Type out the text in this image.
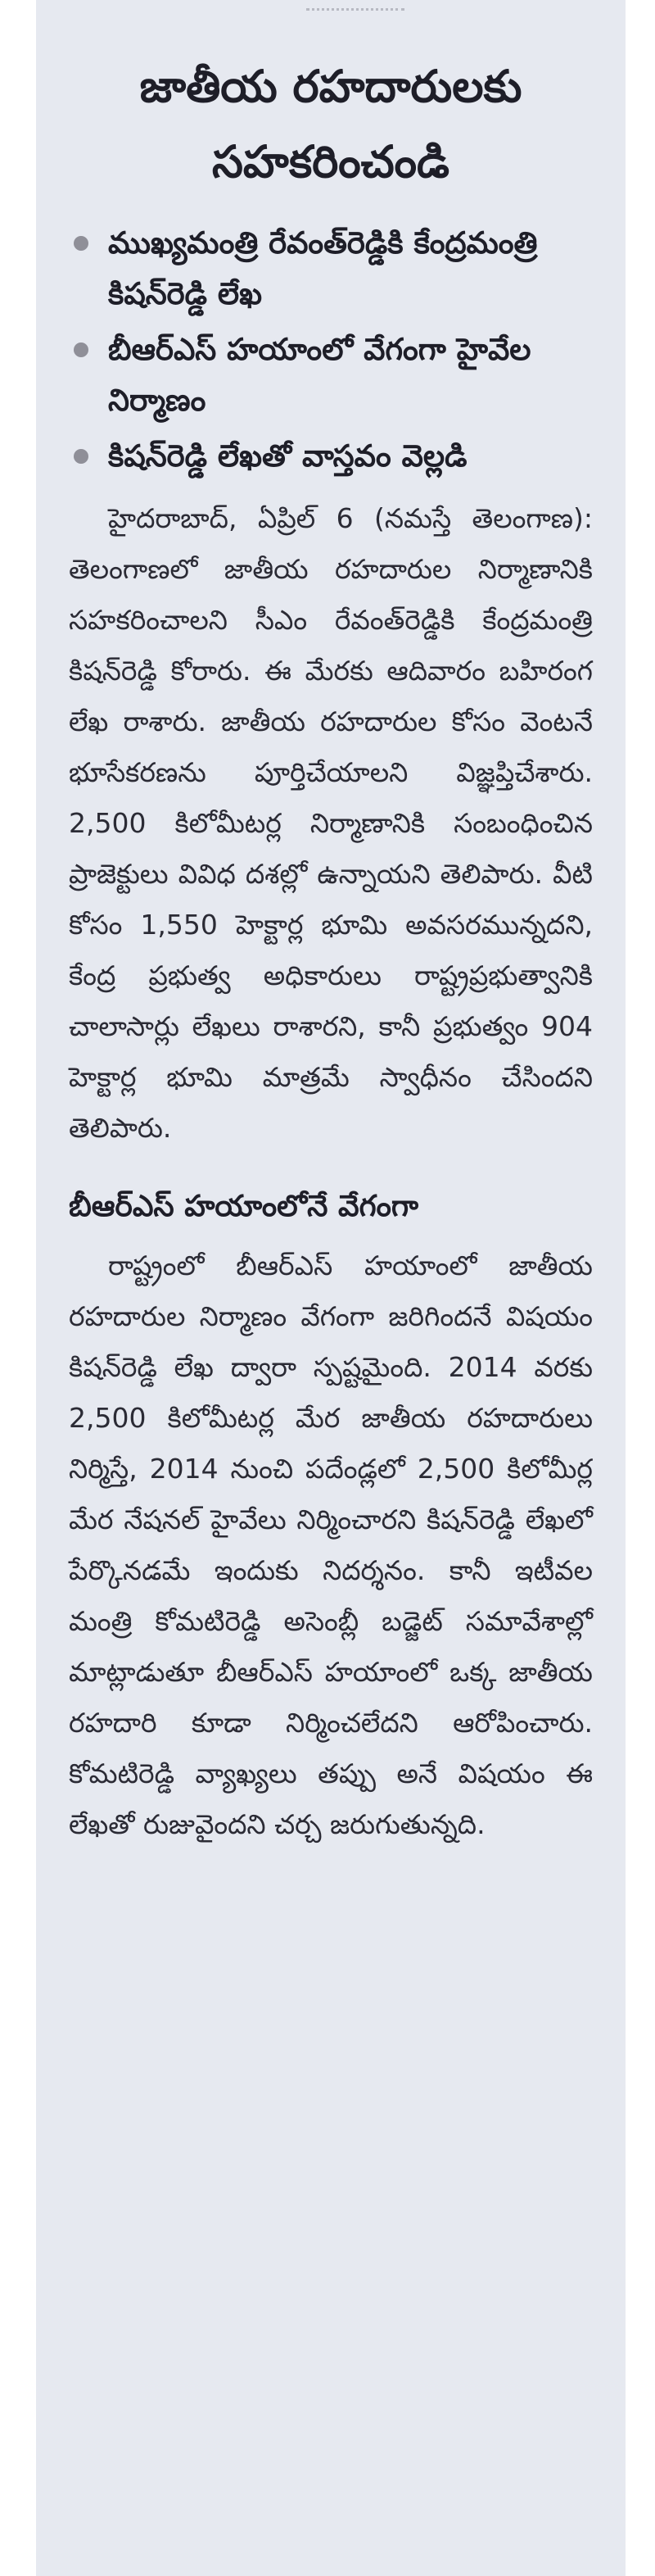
జాతీయ రహదారులకు
సహకరించండి
ముఖ్యమంత్రి రేవంత్‌రెడ్డికి కేంద్రమంత్రి కిషన్‌రెడ్డి లేఖ
బీఆర్‌ఎస్ హయాంలో వేగంగా హైవేల నిర్మాణం
కిషన్‌రెడ్డి లేఖతో వాస్తవం వెల్లడి

హైదరాబాద్, ఏప్రిల్ 6 (నమస్తే తెలంగాణ): తెలంగాణలో జాతీయ రహదారుల నిర్మాణానికి సహకరించాలని సీఎం రేవంత్‌రెడ్డికి కేంద్రమంత్రి కిషన్‌రెడ్డి కోరారు. ఈ మేరకు ఆదివారం బహిరంగ లేఖ రాశారు. జాతీయ రహదారుల కోసం వెంటనే భూసేకరణను పూర్తిచేయాలని విజ్ఞప్తిచేశారు. 2,500 కిలోమీటర్ల నిర్మాణానికి సంబంధించిన ప్రాజెక్టులు వివిధ దశల్లో ఉన్నాయని తెలిపారు. వీటి కోసం 1,550 హెక్టార్ల భూమి అవసరమున్నదని, కేంద్ర ప్రభుత్వ అధికారులు రాష్ట్రప్రభుత్వానికి చాలాసార్లు లేఖలు రాశారని, కానీ ప్రభుత్వం 904 హెక్టార్ల భూమి మాత్రమే స్వాధీనం చేసిందని తెలిపారు.

బీఆర్‌ఎస్ హయాంలోనే వేగంగా

రాష్ట్రంలో బీఆర్‌ఎస్ హయాంలో జాతీయ రహదారుల నిర్మాణం వేగంగా జరిగిందనే విషయం కిషన్‌రెడ్డి లేఖ ద్వారా స్పష్టమైంది. 2014 వరకు 2,500 కిలోమీటర్ల మేర జాతీయ రహదారులు నిర్మిస్తే, 2014 నుంచి పదేండ్లలో 2,500 కిలోమీర్ల మేర నేషనల్ హైవేలు నిర్మించారని కిషన్‌రెడ్డి లేఖలో పేర్కొనడమే ఇందుకు నిదర్శనం. కానీ ఇటీవల మంత్రి కోమటిరెడ్డి అసెంబ్లీ బడ్జెట్ సమావేశాల్లో మాట్లాడుతూ బీఆర్‌ఎస్ హయాంలో ఒక్క జాతీయ రహదారి కూడా నిర్మించలేదని ఆరోపించారు. కోమటిరెడ్డి వ్యాఖ్యలు తప్పు అనే విషయం ఈ లేఖతో రుజువైందని చర్చ జరుగుతున్నది.
